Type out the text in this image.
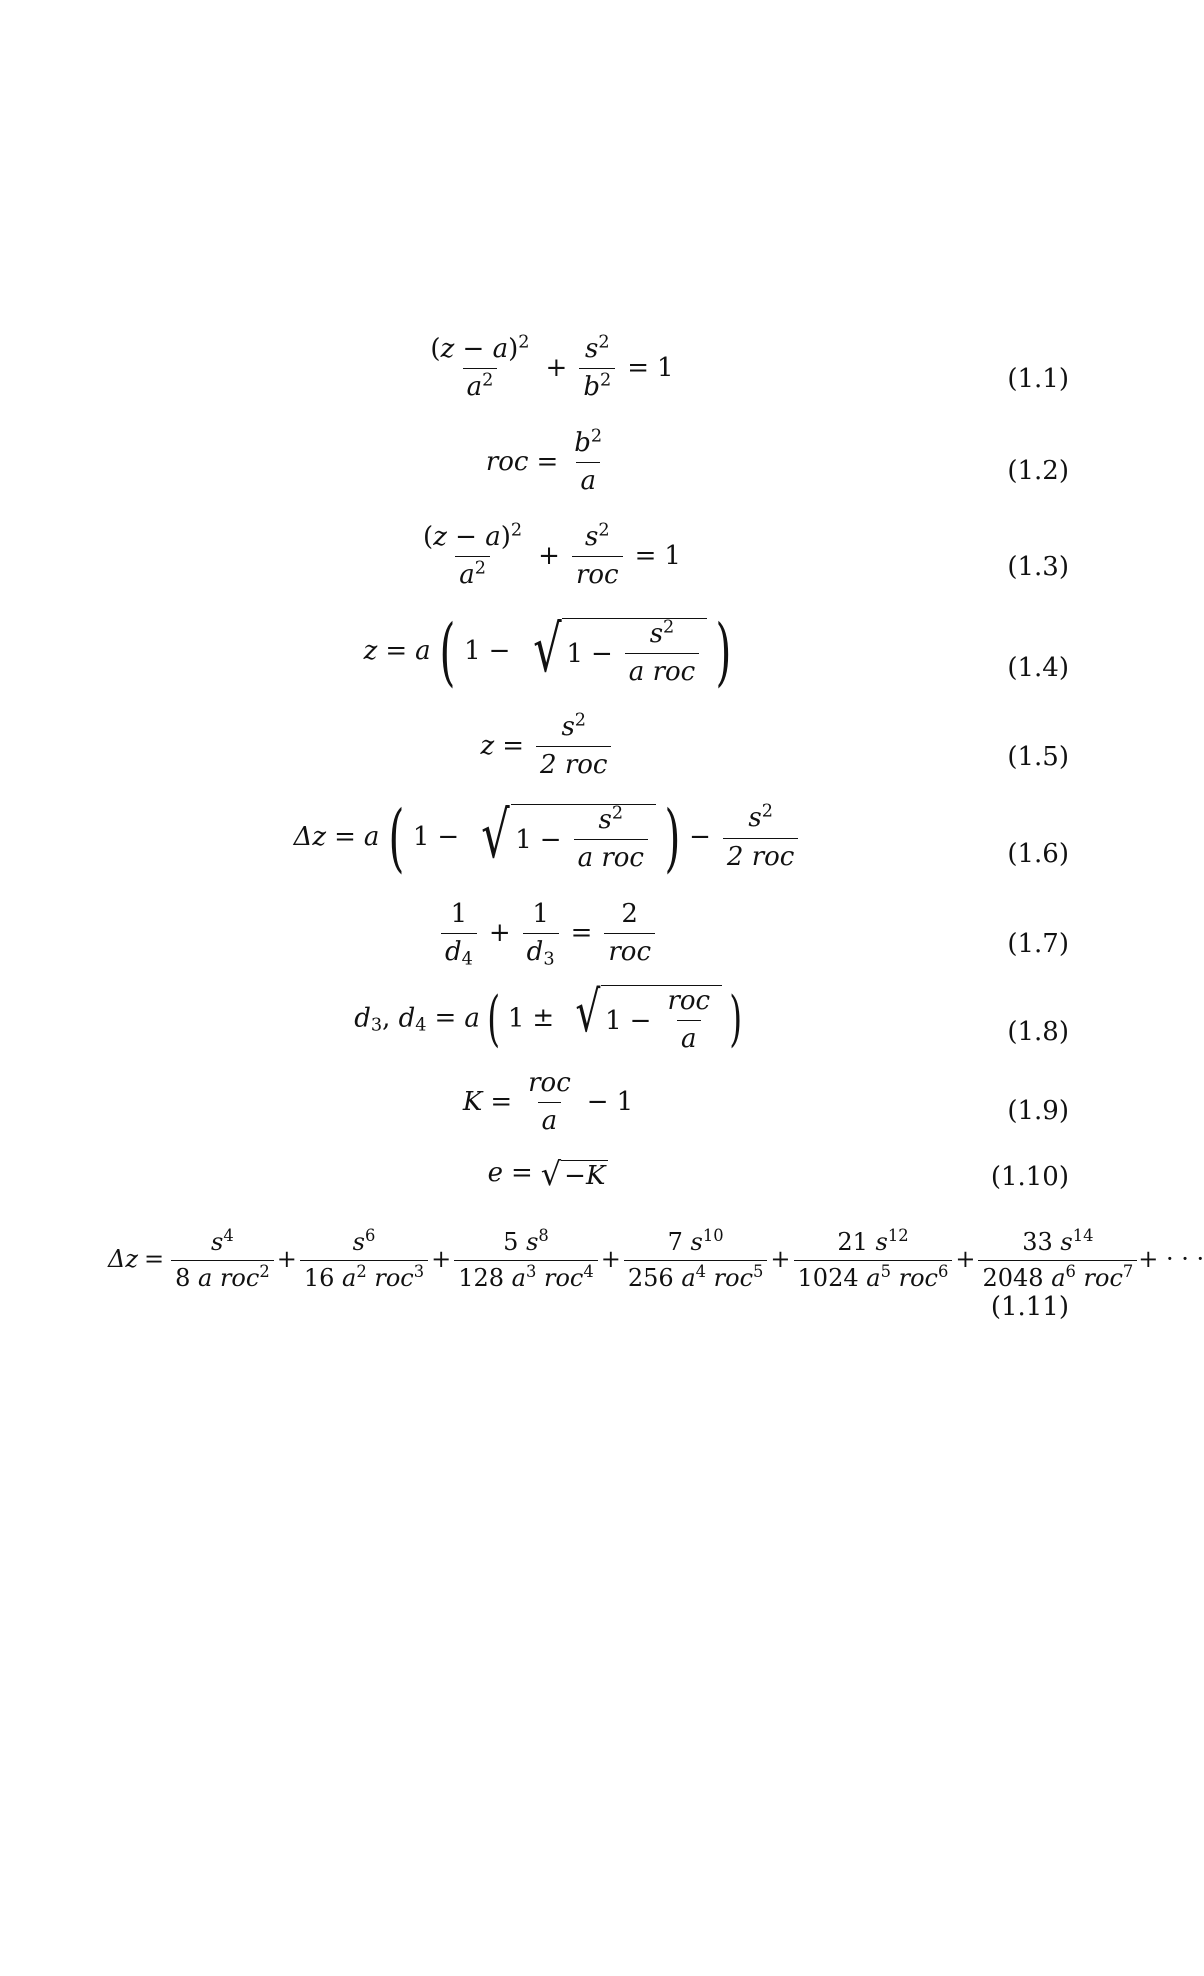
$\frac{(z - a)^2}{a^2} + \frac{s^2}{b^2} = 1$	(1.1)
roc = $\frac{b^2}{a}$	(1.2)
$\frac{(z - a)^2}{a^2} + \frac{s^2}{\text{roc}} = 1$	(1.3)
z = a ( 1 − √ $1 - \frac{s^2}{\text{a roc}}$ )	(1.4)
$z = \frac{s^2}{\text{2 roc}}$	(1.5)
Δz = a ( 1 − √ $1 - \frac{s^2}{\text{a roc}}$ ) − $\frac{s^2}{\text{2 roc}}$	(1.6)
$\frac{1}{d_4} + \frac{1}{d_3} = \frac{2}{\text{roc}}$	(1.7)
$d_3$, $d_4 = a$ ( 1 ± √ $1 - \frac{\text{roc}}{a}$ )	(1.8)
$K = \frac{\text{roc}}{a} - 1$	(1.9)
e = √ −K	(1.10)
$\Delta z = \frac{s^4}{8 a roc^2} + \frac{s^6}{16 a^2 roc^3} + \frac{5 s^8}{128 a^3 roc^4} + \frac{7 s^{10}}{256 a^4 roc^5} + \frac{21 s^{12}}{1024 a^5 roc^6} + \frac{33 s^{14}}{2048 a^6 roc^7}$ + · · ·
(1.11)
